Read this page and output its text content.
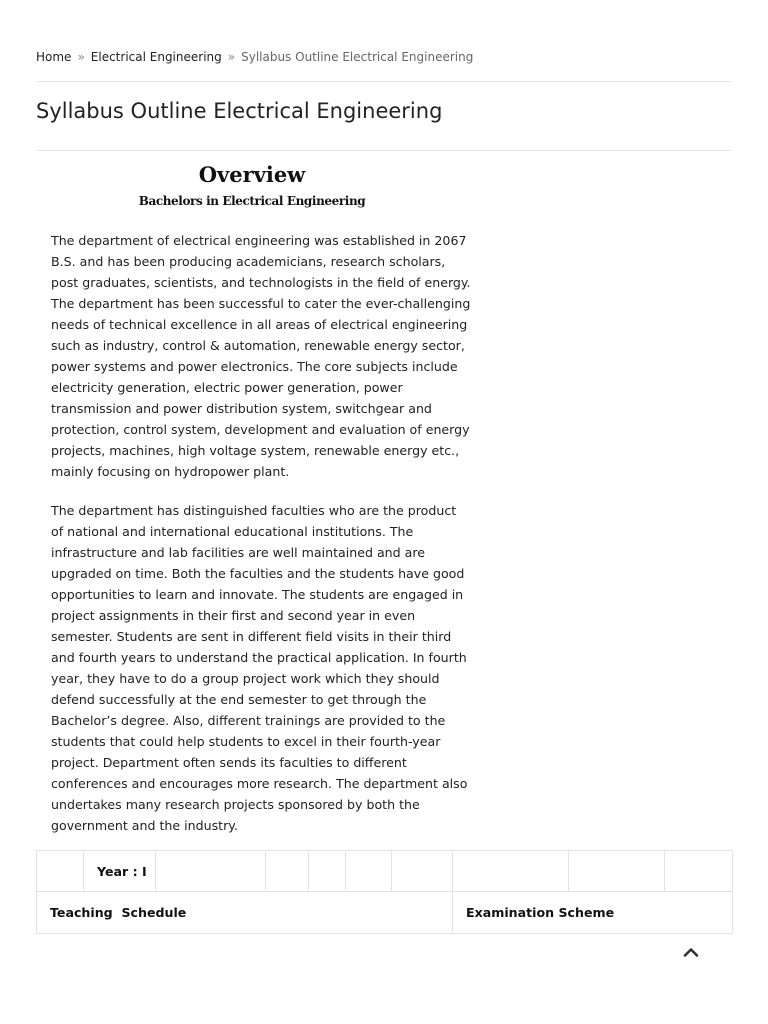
Home » Electrical Engineering » Syllabus Outline Electrical Engineering
Syllabus Outline Electrical Engineering
Overview
Bachelors in Electrical Engineering

The department of electrical engineering was established in 2067 B.S. and has been producing academicians, research scholars, post graduates, scientists, and technologists in the field of energy. The department has been successful to cater the ever-challenging needs of technical excellence in all areas of electrical engineering such as industry, control & automation, renewable energy sector, power systems and power electronics. The core subjects include electricity generation, electric power generation, power transmission and power distribution system, switchgear and protection, control system, development and evaluation of energy projects, machines, high voltage system, renewable energy etc., mainly focusing on hydropower plant.

The department has distinguished faculties who are the product of national and international educational institutions. The infrastructure and lab facilities are well maintained and are upgraded on time. Both the faculties and the students have good opportunities to learn and innovate. The students are engaged in project assignments in their first and second year in even semester. Students are sent in different field visits in their third and fourth years to understand the practical application. In fourth year, they have to do a group project work which they should defend successfully at the end semester to get through the Bachelor’s degree. Also, different trainings are provided to the students that could help students to excel in their fourth-year project. Department often sends its faculties to different conferences and encourages more research. The department also undertakes many research projects sponsored by both the government and the industry.

	Year : I								
Teaching  Schedule							Examination Scheme		
